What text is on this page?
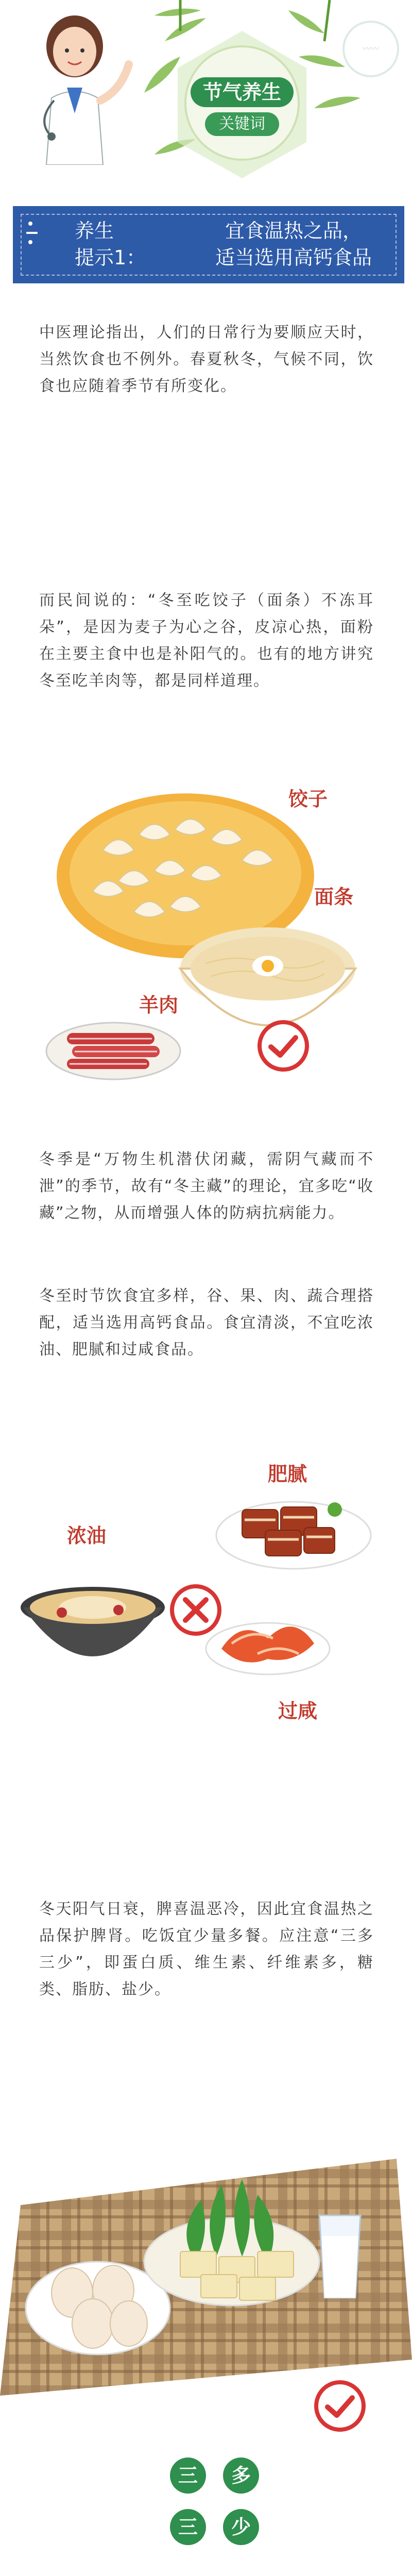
节气养生
关键词
〰〰
养生
提示1：
宜食温热之品，
适当选用高钙食品
中医理论指出，人们的日常行为要顺应天时，当然饮食也不例外。春夏秋冬，气候不同，饮食也应随着季节有所变化。
而民间说的：“冬至吃饺子（面条）不冻耳朵”，是因为麦子为心之谷，皮凉心热，面粉在主要主食中也是补阳气的。也有的地方讲究冬至吃羊肉等，都是同样道理。
饺子
面条
羊肉
冬季是“万物生机潜伏闭藏，需阴气藏而不泄”的季节，故有“冬主藏”的理论，宜多吃“收藏”之物，从而增强人体的防病抗病能力。
冬至时节饮食宜多样，谷、果、肉、蔬合理搭配，适当选用高钙食品。食宜清淡，不宜吃浓油、肥腻和过咸食品。
肥腻
浓油
过咸
冬天阳气日衰，脾喜温恶冷，因此宜食温热之品保护脾肾。吃饭宜少量多餐。应注意“三多三少”，即蛋白质、维生素、纤维素多，糖类、脂肪、盐少。
三 多
三 少
